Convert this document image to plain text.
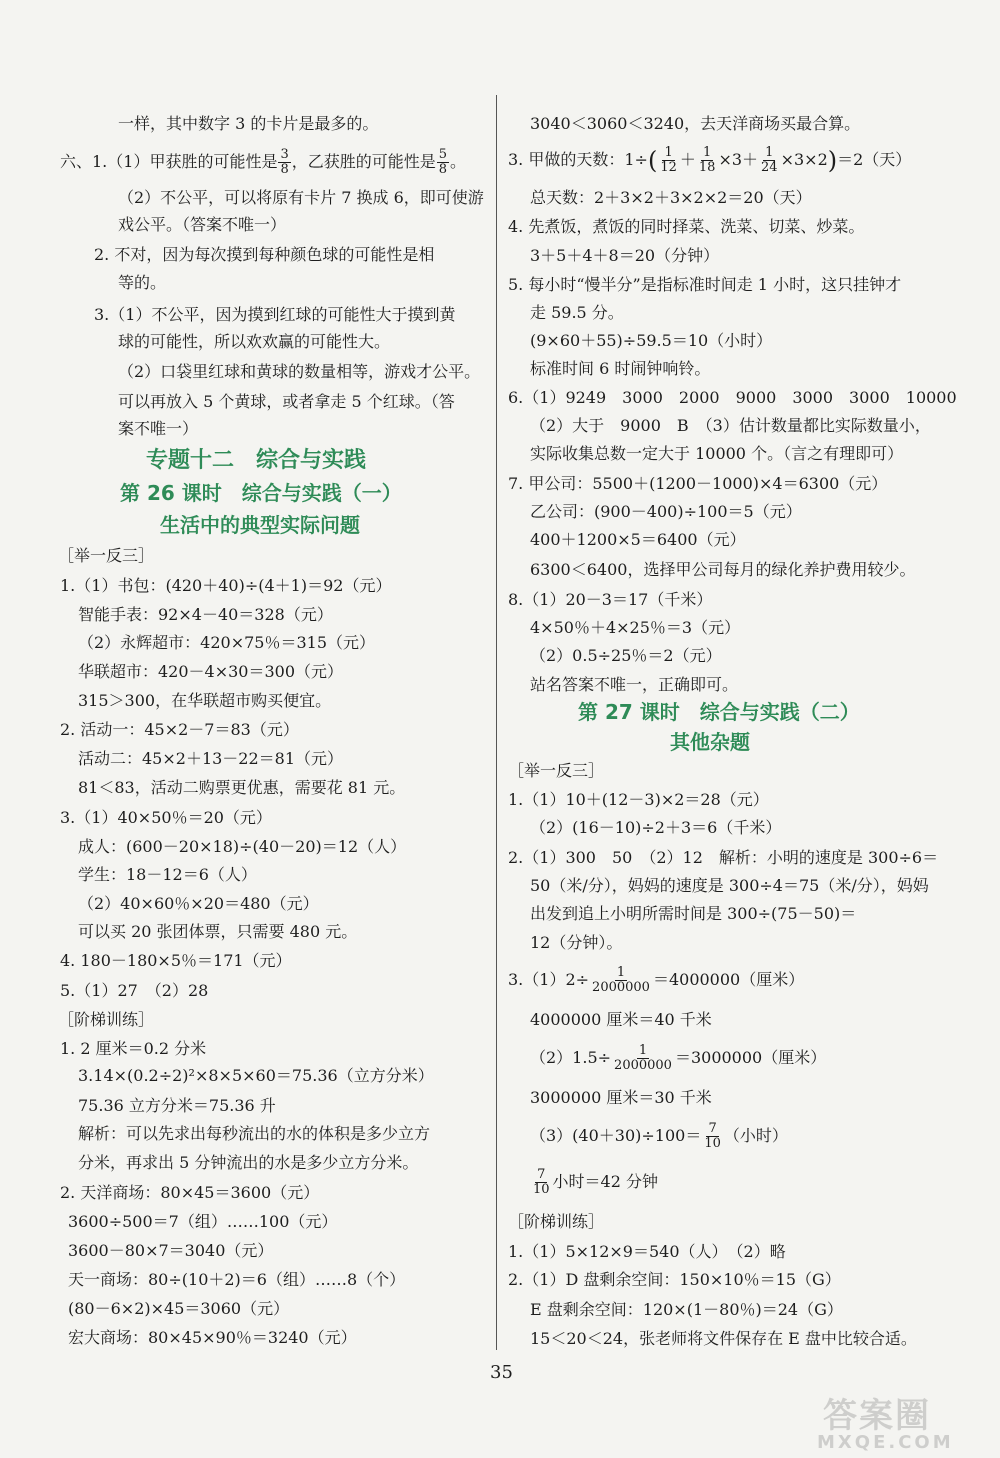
一样，其中数字 3 的卡片是最多的。
六、1.（1）甲获胜的可能性是 $\frac{3}{8}$ ，乙获胜的可能性是 $\frac{5}{8}$ 。
（2）不公平，可以将原有卡片 7 换成 6，即可使游
戏公平。（答案不唯一）
2. 不对，因为每次摸到每种颜色球的可能性是相
等的。
3.（1）不公平，因为摸到红球的可能性大于摸到黄
球的可能性，所以欢欢赢的可能性大。
（2）口袋里红球和黄球的数量相等，游戏才公平。
可以再放入 5 个黄球，或者拿走 5 个红球。（答
案不唯一）
专题十二　综合与实践
第 26 课时　综合与实践（一）
生活中的典型实际问题
［举一反三］
1.（1）书包：(420＋40)÷(4＋1)＝92（元）
智能手表：92×4－40＝328（元）
（2）永辉超市：420×75％＝315（元）
华联超市：420－4×30＝300（元）
315＞300，在华联超市购买便宜。
2. 活动一：45×2－7＝83（元）
活动二：45×2＋13－22＝81（元）
81＜83，活动二购票更优惠，需要花 81 元。
3.（1）40×50％＝20（元）
成人：(600－20×18)÷(40－20)＝12（人）
学生：18－12＝6（人）
（2）40×60％×20＝480（元）
可以买 20 张团体票，只需要 480 元。
4. 180－180×5％＝171（元）
5.（1）27　（2）28
［阶梯训练］
1. 2 厘米＝0.2 分米
3.14×(0.2÷2)²×8×5×60＝75.36（立方分米）
75.36 立方分米＝75.36 升
解析：可以先求出每秒流出的水的体积是多少立方
分米，再求出 5 分钟流出的水是多少立方分米。
2. 天洋商场：80×45＝3600（元）
3600÷500＝7（组）……100（元）
3600－80×7＝3040（元）
天一商场：80÷(10＋2)＝6（组）……8（个）
(80－6×2)×45＝3060（元）
宏大商场：80×45×90％＝3240（元）
3040＜3060＜3240，去天洋商场买最合算。
3. 甲做的天数：$1\div( \frac{1}{12} + \frac{1}{18} \times 3+ \frac{1}{24} \times 3\times 2)=2$（天）
总天数：2＋3×2＋3×2×2＝20（天）
4. 先煮饭，煮饭的同时择菜、洗菜、切菜、炒菜。
3＋5＋4＋8＝20（分钟）
5. 每小时“慢半分”是指标准时间走 1 小时，这只挂钟才
走 59.5 分。
(9×60＋55)÷59.5＝10（小时）
标准时间 6 时闹钟响铃。
6.（1）9249　3000　2000　9000　3000　3000　10000
（2）大于　9000　B　（3）估计数量都比实际数量小，
实际收集总数一定大于 10000 个。（言之有理即可）
7. 甲公司：5500＋(1200－1000)×4＝6300（元）
乙公司：(900－400)÷100＝5（元）
400＋1200×5＝6400（元）
6300＜6400，选择甲公司每月的绿化养护费用较少。
8.（1）20－3＝17（千米）
4×50％＋4×25％＝3（元）
（2）0.5÷25％＝2（元）
站名答案不唯一，正确即可。
第 27 课时　综合与实践（二）
其他杂题
［举一反三］
1.（1）10＋(12－3)×2＝28（元）
（2）(16－10)÷2＋3＝6（千米）
2.（1）300　50　（2）12　解析：小明的速度是 300÷6＝
50（米/分），妈妈的速度是 300÷4＝75（米/分），妈妈
出发到追上小明所需时间是 300÷(75－50)＝
12（分钟）。
$3.(1)2\div \frac{1}{2000000} =4000000$（厘米）
4000000 厘米＝40 千米
$(2)1.5\div \frac{1}{2000000} =3000000$（厘米）
3000000 厘米＝30 千米
$(3)(40+30)\div 100= \frac{7}{10}$ （小时）
$\frac{7}{10}$ 小时＝42 分钟
［阶梯训练］
1.（1）5×12×9＝540（人）　（2）略
2.（1）D 盘剩余空间：150×10％＝15（G）
E 盘剩余空间：120×(1－80％)＝24（G）
15＜20＜24，张老师将文件保存在 E 盘中比较合适。
35
答案圈
MXQE.COM
